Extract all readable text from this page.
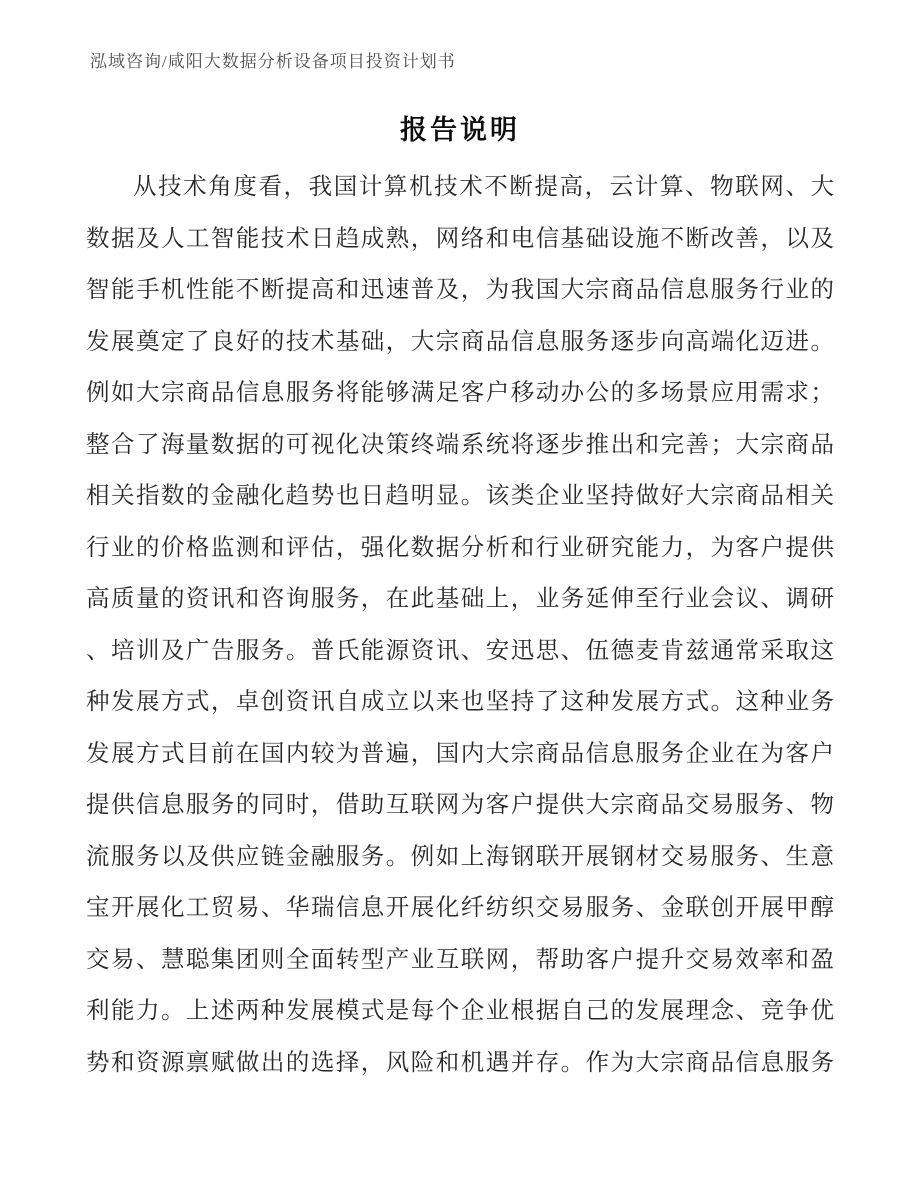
泓域咨询/咸阳大数据分析设备项目投资计划书
报告说明
从技术角度看，我国计算机技术不断提高，云计算、物联网、大
数据及人工智能技术日趋成熟，网络和电信基础设施不断改善，以及
智能手机性能不断提高和迅速普及，为我国大宗商品信息服务行业的
发展奠定了良好的技术基础，大宗商品信息服务逐步向高端化迈进。
例如大宗商品信息服务将能够满足客户移动办公的多场景应用需求；
整合了海量数据的可视化决策终端系统将逐步推出和完善；大宗商品
相关指数的金融化趋势也日趋明显。该类企业坚持做好大宗商品相关
行业的价格监测和评估，强化数据分析和行业研究能力，为客户提供
高质量的资讯和咨询服务，在此基础上，业务延伸至行业会议、调研
、培训及广告服务。普氏能源资讯、安迅思、伍德麦肯兹通常采取这
种发展方式，卓创资讯自成立以来也坚持了这种发展方式。这种业务
发展方式目前在国内较为普遍，国内大宗商品信息服务企业在为客户
提供信息服务的同时，借助互联网为客户提供大宗商品交易服务、物
流服务以及供应链金融服务。例如上海钢联开展钢材交易服务、生意
宝开展化工贸易、华瑞信息开展化纤纺织交易服务、金联创开展甲醇
交易、慧聪集团则全面转型产业互联网，帮助客户提升交易效率和盈
利能力。上述两种发展模式是每个企业根据自己的发展理念、竞争优
势和资源禀赋做出的选择，风险和机遇并存。作为大宗商品信息服务
